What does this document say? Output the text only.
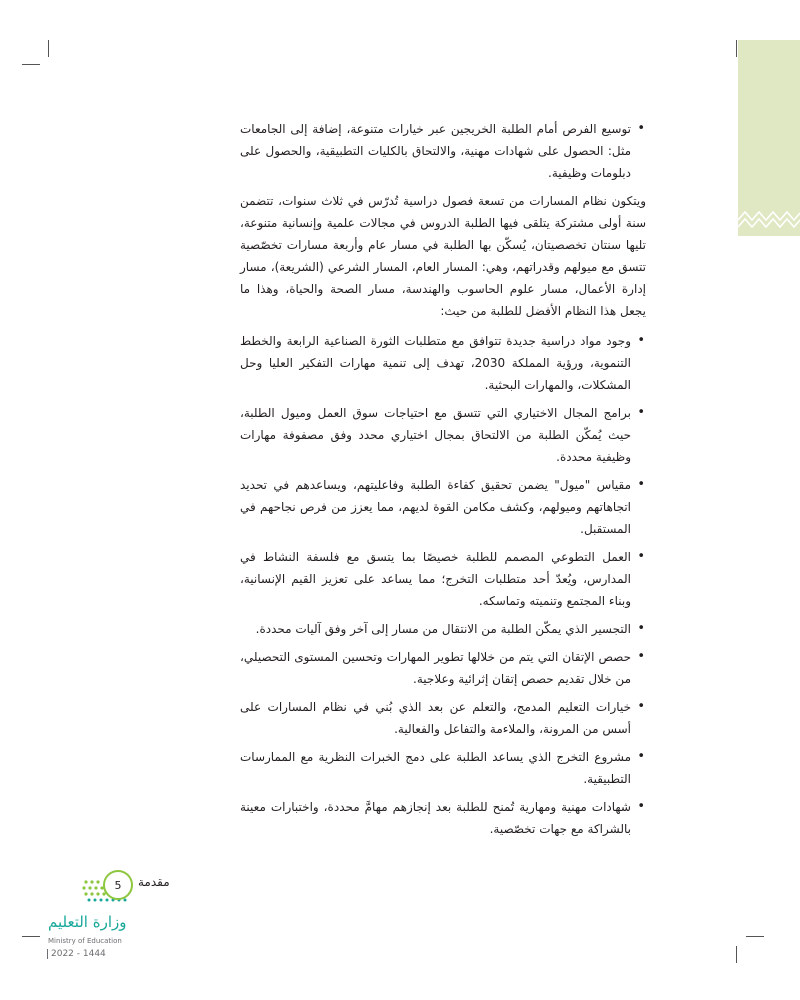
• توسيع الفرص أمام الطلبة الخريجين عبر خيارات متنوعة، إضافة إلى الجامعات مثل: الحصول على شهادات مهنية، والالتحاق بالكليات التطبيقية، والحصول على دبلومات وظيفية.

ويتكون نظام المسارات من تسعة فصول دراسية تُدرّس في ثلاث سنوات، تتضمن سنة أولى مشتركة يتلقى فيها الطلبة الدروس في مجالات علمية وإنسانية متنوعة، تليها سنتان تخصصيتان، يُسكّن بها الطلبة في مسار عام وأربعة مسارات تخصّصية تتسق مع ميولهم وقدراتهم، وهي: المسار العام، المسار الشرعي (الشريعة)، مسار إدارة الأعمال، مسار علوم الحاسوب والهندسة، مسار الصحة والحياة، وهذا ما يجعل هذا النظام الأفضل للطلبة من حيث:

• وجود مواد دراسية جديدة تتوافق مع متطلبات الثورة الصناعية الرابعة والخطط التنموية، ورؤية المملكة 2030، تهدف إلى تنمية مهارات التفكير العليا وحل المشكلات، والمهارات البحثية.
• برامج المجال الاختياري التي تتسق مع احتياجات سوق العمل وميول الطلبة، حيث يُمكّن الطلبة من الالتحاق بمجال اختياري محدد وفق مصفوفة مهارات وظيفية محددة.
• مقياس "ميول" يضمن تحقيق كفاءة الطلبة وفاعليتهم، ويساعدهم في تحديد اتجاهاتهم وميولهم، وكشف مكامن القوة لديهم، مما يعزز من فرص نجاحهم في المستقبل.
• العمل التطوعي المصمم للطلبة خصيصًا بما يتسق مع فلسفة النشاط في المدارس، ويُعدّ أحد متطلبات التخرج؛ مما يساعد على تعزيز القيم الإنسانية، وبناء المجتمع وتنميته وتماسكه.
• التجسير الذي يمكّن الطلبة من الانتقال من مسار إلى آخر وفق آليات محددة.
• حصص الإتقان التي يتم من خلالها تطوير المهارات وتحسين المستوى التحصيلي، من خلال تقديم حصص إتقان إثرائية وعلاجية.
• خيارات التعليم المدمج، والتعلم عن بعد الذي بُني في نظام المسارات على أسس من المرونة، والملاءمة والتفاعل والفعالية.
• مشروع التخرج الذي يساعد الطلبة على دمج الخبرات النظرية مع الممارسات التطبيقية.
• شهادات مهنية ومهارية تُمنح للطلبة بعد إنجازهم مهامَّ محددة، واختبارات معينة بالشراكة مع جهات تخصّصية.
5 مقدمة
وزارة التعليم
Ministry of Education
2022 - 1444
